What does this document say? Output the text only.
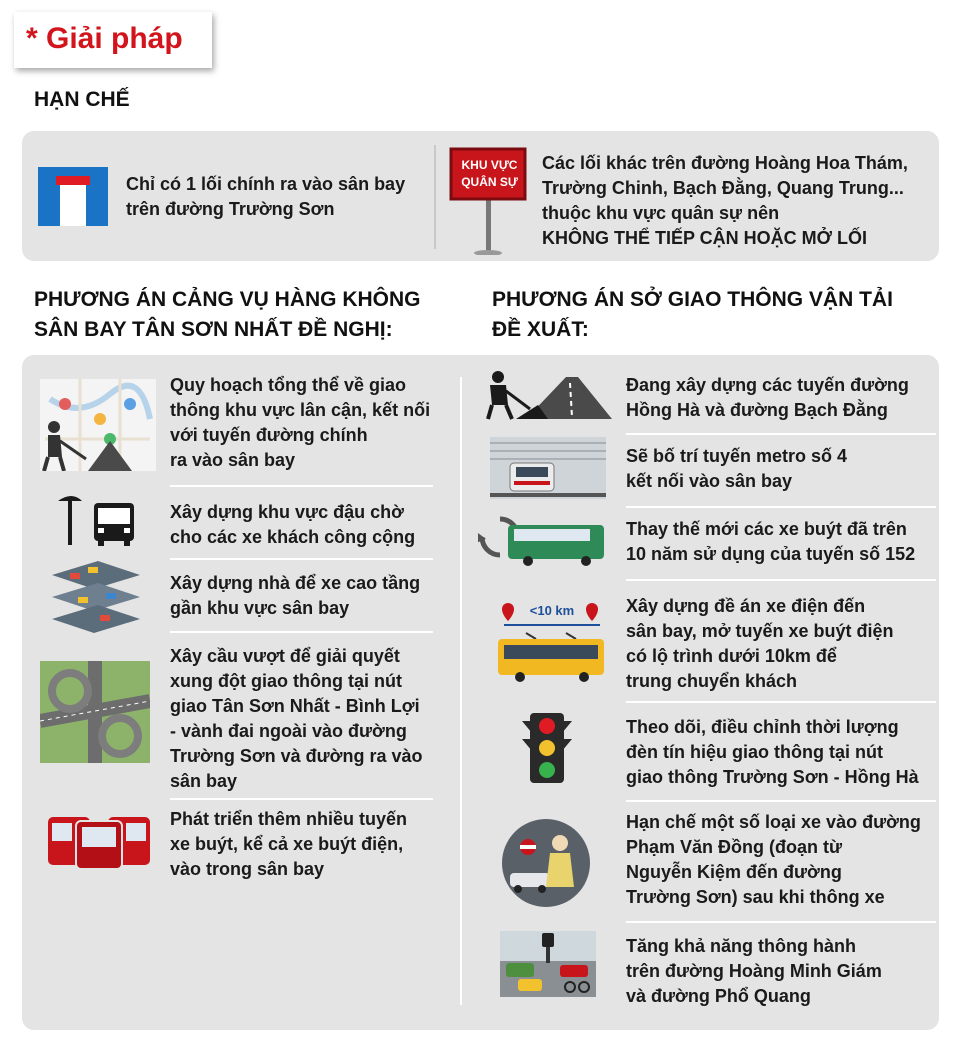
* Giải pháp
HẠN CHẾ
Chỉ có 1 lối chính ra vào sân bay
trên đường Trường Sơn
KHU VỰC
QUÂN SỰ
Các lối khác trên đường Hoàng Hoa Thám,
Trường Chinh, Bạch Đằng, Quang Trung...
thuộc khu vực quân sự nên
KHÔNG THỂ TIẾP CẬN HOẶC MỞ LỐI
PHƯƠNG ÁN CẢNG VỤ HÀNG KHÔNG
SÂN BAY TÂN SƠN NHẤT ĐỀ NGHỊ:
PHƯƠNG ÁN SỞ GIAO THÔNG VẬN TẢI
ĐỀ XUẤT:
Quy hoạch tổng thể về giao
thông khu vực lân cận, kết nối
với tuyến đường chính
ra vào sân bay
Xây dựng khu vực đậu chờ
cho các xe khách công cộng
Xây dựng nhà để xe cao tầng
gần khu vực sân bay
Xây cầu vượt để giải quyết
xung đột giao thông tại nút
giao Tân Sơn Nhất - Bình Lợi
- vành đai ngoài vào đường
Trường Sơn và đường ra vào
sân bay
Phát triển thêm nhiều tuyến
xe buýt, kể cả xe buýt điện,
vào trong sân bay
Đang xây dựng các tuyến đường
Hồng Hà và đường Bạch Đằng
Sẽ bố trí tuyến metro số 4
kết nối vào sân bay
Thay thế mới các xe buýt đã trên
10 năm sử dụng của tuyến số 152
<10 km	Xây dựng đề án xe điện đến
sân bay, mở tuyến xe buýt điện
có lộ trình dưới 10km để
trung chuyển khách
Theo dõi, điều chỉnh thời lượng
đèn tín hiệu giao thông tại nút
giao thông Trường Sơn - Hồng Hà
Hạn chế một số loại xe vào đường
Phạm Văn Đồng (đoạn từ
Nguyễn Kiệm đến đường
Trường Sơn) sau khi thông xe
Tăng khả năng thông hành
trên đường Hoàng Minh Giám
và đường Phổ Quang
